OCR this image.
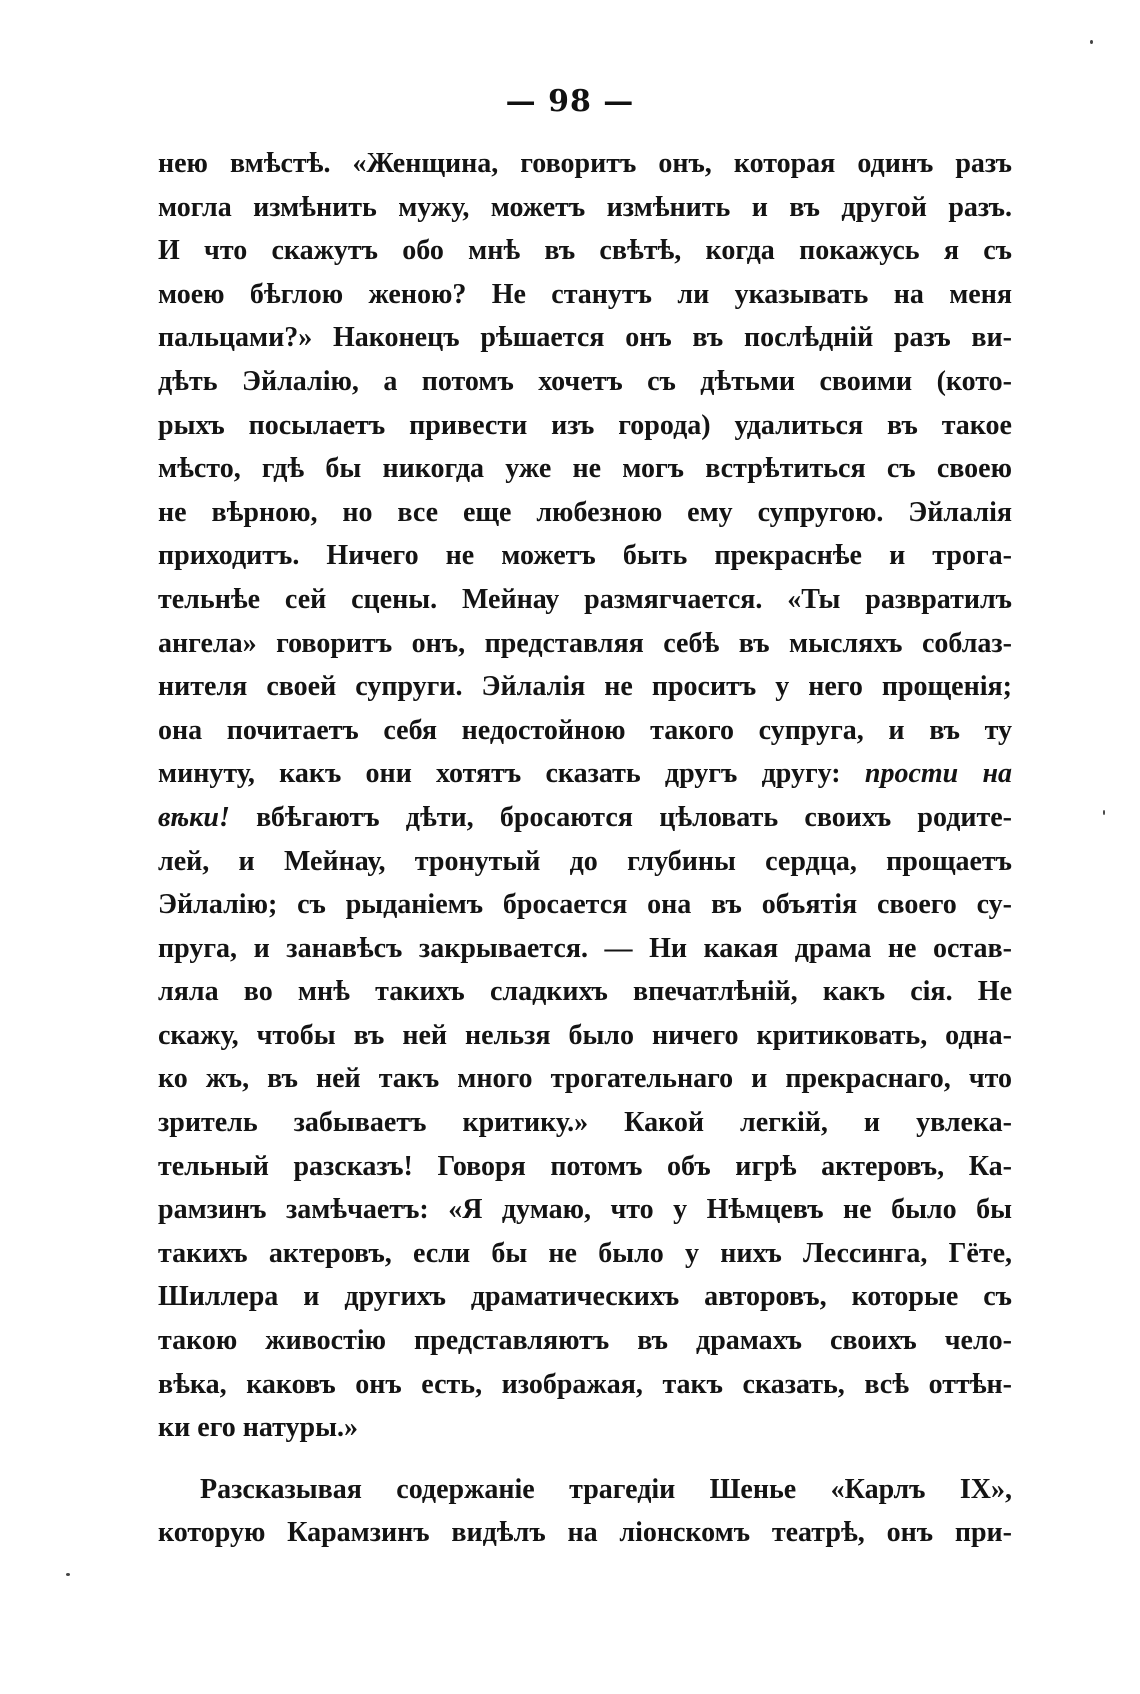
— 98 —
нею вмѣстѣ. «Женщина, говоритъ онъ, которая одинъ разъ
могла измѣнить мужу, можетъ измѣнить и въ другой разъ.
И что скажутъ обо мнѣ въ свѣтѣ, когда покажусь я съ
моею бѣглою женою? Не станутъ ли указывать на меня
пальцами?» Наконецъ рѣшается онъ въ послѣдній разъ ви-
дѣть Эйлалію, а потомъ хочетъ съ дѣтьми своими (кото-
рыхъ посылаетъ привести изъ города) удалиться въ такое
мѣсто, гдѣ бы никогда уже не могъ встрѣтиться съ своею
не вѣрною, но все еще любезною ему супругою. Эйлалія
приходитъ. Ничего не можетъ быть прекраснѣе и трога-
тельнѣе сей сцены. Мейнау размягчается. «Ты развратилъ
ангела» говоритъ онъ, представляя себѣ въ мысляхъ соблаз-
нителя своей супруги. Эйлалія не проситъ у него прощенія;
она почитаетъ себя недостойною такого супруга, и въ ту
минуту, какъ они хотятъ сказать другъ другу: прости на
вѣки! вбѣгаютъ дѣти, бросаются цѣловать своихъ родите-
лей, и Мейнау, тронутый до глубины сердца, прощаетъ
Эйлалію; съ рыданіемъ бросается она въ объятія своего су-
пруга, и занавѣсъ закрывается. — Ни какая драма не остав-
ляла во мнѣ такихъ сладкихъ впечатлѣній, какъ сія. Не
скажу, чтобы въ ней нельзя было ничего критиковать, одна-
ко жъ, въ ней такъ много трогательнаго и прекраснаго, что
зритель забываетъ критику.» Какой легкій, и увлека-
тельный разсказъ! Говоря потомъ объ игрѣ актеровъ, Ка-
рамзинъ замѣчаетъ: «Я думаю, что у Нѣмцевъ не было бы
такихъ актеровъ, если бы не было у нихъ Лессинга, Гёте,
Шиллера и другихъ драматическихъ авторовъ, которые съ
такою живостію представляютъ въ драмахъ своихъ чело-
вѣка, каковъ онъ есть, изображая, такъ сказать, всѣ оттѣн-
ки его натуры.»
Разсказывая содержаніе трагедіи Шенье «Карлъ IX»,
которую Карамзинъ видѣлъ на ліонскомъ театрѣ, онъ при-
